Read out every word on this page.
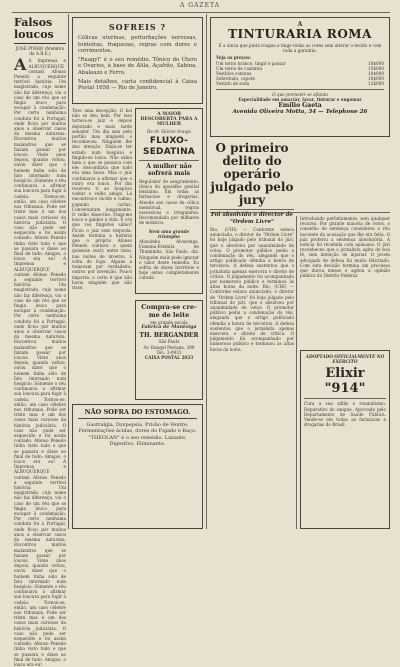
A GAZETA
Falsos loucos
JOSÉ PINHO (Membro da A.B.E.)
A A Imprensa e ALBUQUERQUE contam Afonso Penedo a seguinte terrível história: Um magistrado, cujo nome não faz diferença, viu o caso de um réu que se fingia louco para escapar à condenação. Por certo nenhuma conduta foi a Portugal, onde ficou por muitos anos a observar casos da mesma natureza. Encontrou muitos malandros que se faziam passar por loucos. Vinte anos depois, quando voltou, ouviu dizer que o homem tinha sido de fato internado num hospício. Sòmente o réu continuava a afirmar sua loucura para fugir à cadeia. Tornou-se, então, um caso célebre nos tribunais. Pode ser triste mas é um dos casos mais curiosos da história judiciária. O caso não pode ser esquecido e foi assim contado. Afonso Penedo tinha visto tudo o que se passara e disse ao final de tudo: Amigos, o louco era eu! A Imprensa e ALBUQUERQUE contam Afonso Penedo a seguinte terrível história: Um magistrado, cujo nome não faz diferença, viu o caso de um réu que se fingia louco para escapar à condenação. Por certo nenhuma conduta foi a Portugal, onde ficou por muitos anos a observar casos da mesma natureza. Encontrou muitos malandros que se faziam passar por loucos. Vinte anos depois, quando voltou, ouviu dizer que o homem tinha sido de fato internado num hospício. Sòmente o réu continuava a afirmar sua loucura para fugir à cadeia. Tornou-se, então, um caso célebre nos tribunais. Pode ser triste mas é um dos casos mais curiosos da história judiciária. O caso não pode ser esquecido e foi assim contado. Afonso Penedo tinha visto tudo o que se passara e disse ao final de tudo: Amigos, o louco era eu! A Imprensa e ALBUQUERQUE contam Afonso Penedo a seguinte terrível história: Um magistrado, cujo nome não faz diferença, viu o caso de um réu que se fingia louco para escapar à condenação. Por certo nenhuma conduta foi a Portugal, onde ficou por muitos anos a observar casos da mesma natureza. Encontrou muitos malandros que se faziam passar por loucos. Vinte anos depois, quando voltou, ouviu dizer que o homem tinha sido de fato internado num hospício. Sòmente o réu continuava a afirmar sua loucura para fugir à cadeia. Tornou-se, então, um caso célebre nos tribunais. Pode ser triste mas é um dos casos mais curiosos da história judiciária. O caso não pode ser esquecido e foi assim contado. Afonso Penedo tinha visto tudo o que se passara e disse ao final de tudo: Amigos, o louco era eu!
SOFREIS ?
Cólicas uterinas, perturbações nervosas, tonteiras, fraquezas, regras com dores e corrimentos.
"Ruagyl" é o seu remédio. Tônico do Útero e Ovarios, à base de Álila, Açafrão, Sabina, Abalauzo e Ferro.
Mais detalhes, carta confidencial à Caixa Postal 1658 — Rio de Janeiro.
Teve uma decepção. O boi não se deu bem. Por isso tornou-se juiz e depois deputado e mais tarde senador. Um dia saiu pelo portão mas ninguém o reconheceu. Ninguém lhe deu atenção. Dizia-se ter estado num hospício e fingido-se louco. Não sabia bem o que se passava com ele; desconfiava que tudo era uma farsa. Mas o juiz continuava a afirmar que o outro era louco. Por fim resolveu ir ao hospício visitar o velho amigo. Lá encontrou-o lúcido e calmo, jogando cartas. Conversaram longamente. O velho disse-lhe: Fingi-me louco e ganhei a vida. E vós que vos fingistes sábio? Ficou o juiz sem resposta. Assim termina a história que o próprio Afonso Penedo contava a quem quisesse ouvir, entre risos, nas noites de inverno, à volta do fogo. Alguns a tomavam por verdadeira, outros por invenção. Pouco importa: o certo é que não havia ninguém que não risse.
NÃO SOFRA DO ESTOMAGO.
Gastralgia, Dyspepsia, Prisão de Ventre, Fermentações ácidas, dores do Figado e Baço. "THEOLAN" é o seu remédio. Laxante, Digestivo, Eliminante.
A MAIOR DESCOBERTA PARA A MULHER
De dr. Silvino Araujo
FLUXO-SEDATINA
A mulher não sofrerá mais
Regulador de sangramento, tônico do aparelho genital feminino. Em todas as farmácias e drogarias. Atende aos casos de cólica menstrual, regras excessivas e irregulares. Recomendado por milhares de médicos.
Nem uma grande triumpho
Afonsinho Alvarenga, Fiamma-Eremita de Thumimba, São Paulo, diz: Ninguém mais pode ignorar o valor deste remédio. Eu sofria de dores horríveis e hoje estou completamente curada.
Compra-se cre-me de leite
em grande escala
Fabrica de Manteiga
TH. BERGANDER
São Paulo
Av. Rangel Pestana, 399
Tel.: 3-0931
CAIXA POSTAL 2023
A
TINTURARIA ROMA
É a única que pinta roupas e tinge todas as cores sem alterar o tecido e com toda a garantia.
Veja os preços:
Um terno branco, tingir e passar	18$000
Um terno de casimira	15$000
Vestidos comuns	10$000
Sobretudo, capote	18$000
Vestido de seda	12$000
O que prometer se afianta
Especialidade em amaciar, lavar, tinturar e engomar
Emilio Gaeta
Avenida Oliveira Motta, 34 — Telephone 26
O primeiro delito do operário julgado pelo jury
Foi absolvido o director de "Ordem Livre"
Rio, (UHI) — Conforme estava anunciado, o diretor de "Ordem Livre" foi hoje julgado pelo tribunal do júri, que o absolveu por unanimidade de votos. O promotor público pediu a condenação do réu, alegando que o artigo publicado ofendia a honra de terceiros. A defesa sustentou que o jornalista apenas exercera o direito de crítica. O julgamento foi acompanhado por numeroso público e terminou às altas horas da noite. Rio, (UHI) — Conforme estava anunciado, o diretor de "Ordem Livre" foi hoje julgado pelo tribunal do júri, que o absolveu por unanimidade de votos. O promotor público pediu a condenação do réu, alegando que o artigo publicado ofendia a honra de terceiros. A defesa sustentou que o jornalista apenas exercera o direito de crítica. O julgamento foi acompanhado por numeroso público e terminou às altas horas da noite.
Introduzido perfeitamente, sem qualquer recurso. Por grande maioria de votos, o conselho de sentença considerou o réu inocente da acusação que lhe era feita. O juiz proferiu a sentença absolutória. A notícia foi recebida com aplausos. O júri reconheceu que o jornalista agira de boa fé, sem intenção de injuriar. O jovem advogado de defesa foi muito felicitado. Com esta decisão termina um processo que durou meses e agitou a opinião pública do Distrito Federal.
ADOPTADO OFFICIALMENTE NO EXÉRCITO
Elixir "914"
Cura a sua sífilis e reumatismo. Depurativo do sangue. Aprovado pelo Departamento de Saúde Pública. Vende-se em todas as farmácias e drogarias do Brasil.
